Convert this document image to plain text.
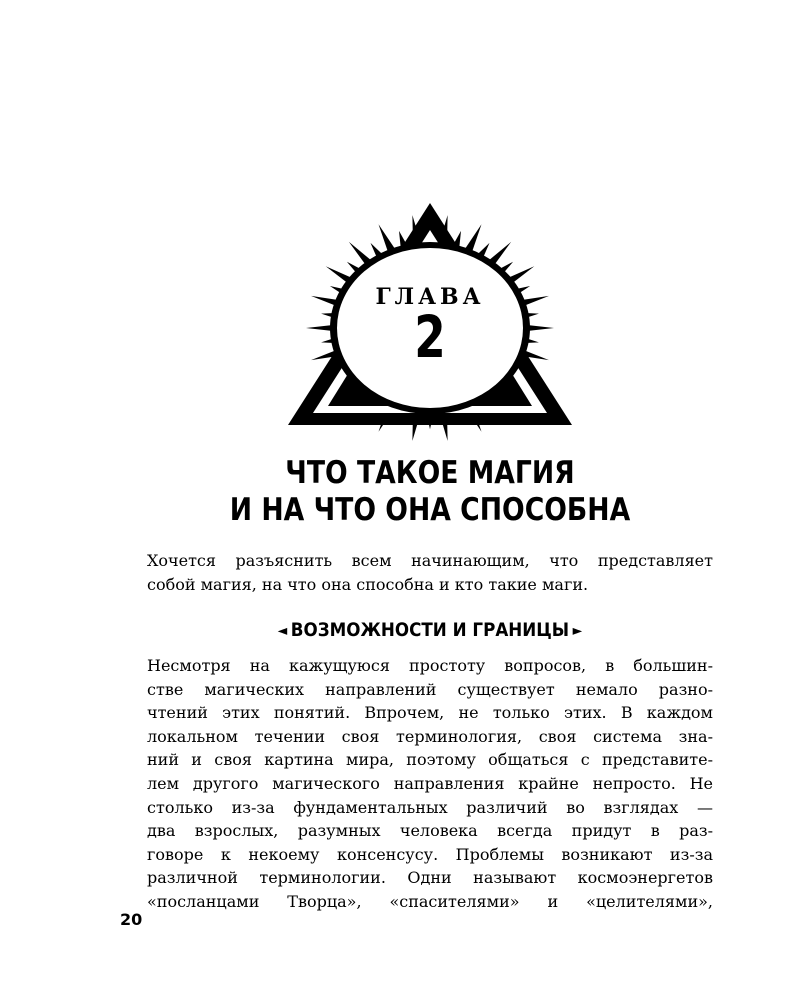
ГЛАВА
2
ЧТО ТАКОЕ МАГИЯ
И НА ЧТО ОНА СПОСОБНА

Хочется разъяснить всем начинающим, что представляет
собой магия, на что она способна и кто такие маги.

◄ ВОЗМОЖНОСТИ И ГРАНИЦЫ ►
Несмотря на кажущуюся простоту вопросов, в большин-
стве магических направлений существует немало разно-
чтений этих понятий. Впрочем, не только этих. В каждом
локальном течении своя терминология, своя система зна-
ний и своя картина мира, поэтому общаться с представите-
лем другого магического направления крайне непросто. Не
столько из-за фундаментальных различий во взглядах —
два взрослых, разумных человека всегда придут в раз-
говоре к некоему консенсусу. Проблемы возникают из-за
различной терминологии. Одни называют космоэнергетов
«посланцами Творца», «спасителями» и «целителями»,
20
